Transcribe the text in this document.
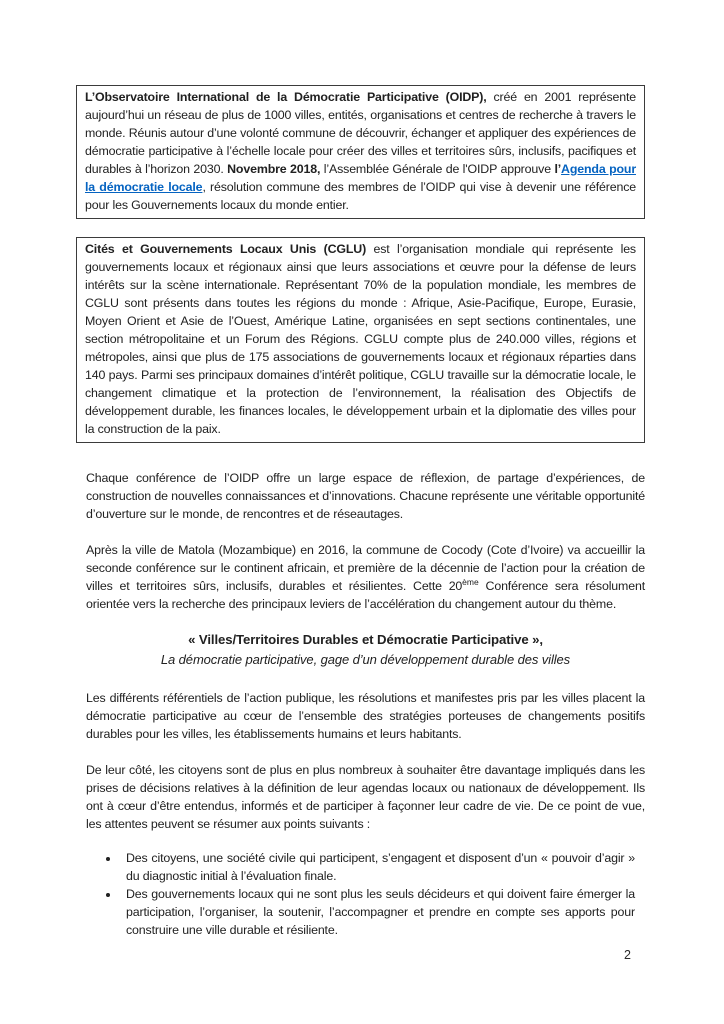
L’Observatoire International de la Démocratie Participative (OIDP), créé en 2001 représente aujourd’hui un réseau de plus de 1000 villes, entités, organisations et centres de recherche à travers le monde. Réunis autour d’une volonté commune de découvrir, échanger et appliquer des expériences de démocratie participative à l’échelle locale pour créer des villes et territoires sûrs, inclusifs, pacifiques et durables à l’horizon 2030. Novembre 2018, l’Assemblée Générale de l'OIDP approuve l’Agenda pour la démocratie locale, résolution commune des membres de l’OIDP qui vise à devenir une référence pour les Gouvernements locaux du monde entier.
Cités et Gouvernements Locaux Unis (CGLU) est l’organisation mondiale qui représente les gouvernements locaux et régionaux ainsi que leurs associations et œuvre pour la défense de leurs intérêts sur la scène internationale. Représentant 70% de la population mondiale, les membres de CGLU sont présents dans toutes les régions du monde : Afrique, Asie-Pacifique, Europe, Eurasie, Moyen Orient et Asie de l’Ouest, Amérique Latine, organisées en sept sections continentales, une section métropolitaine et un Forum des Régions. CGLU compte plus de 240.000 villes, régions et métropoles, ainsi que plus de 175 associations de gouvernements locaux et régionaux réparties dans 140 pays. Parmi ses principaux domaines d’intérêt politique, CGLU travaille sur la démocratie locale, le changement climatique et la protection de l’environnement, la réalisation des Objectifs de développement durable, les finances locales, le développement urbain et la diplomatie des villes pour la construction de la paix.

Chaque conférence de l’OIDP offre un large espace de réflexion, de partage d’expériences, de construction de nouvelles connaissances et d’innovations. Chacune représente une véritable opportunité d’ouverture sur le monde, de rencontres et de réseautages.

Après la ville de Matola (Mozambique) en 2016, la commune de Cocody (Cote d’Ivoire) va accueillir la seconde conférence sur le continent africain, et première de la décennie de l’action pour la création de villes et territoires sûrs, inclusifs, durables et résilientes. Cette 20ème Conférence sera résolument orientée vers la recherche des principaux leviers de l’accélération du changement autour du thème.

« Villes/Territoires Durables et Démocratie Participative »,
La démocratie participative, gage d’un développement durable des villes

Les différents référentiels de l’action publique, les résolutions et manifestes pris par les villes placent la démocratie participative au cœur de l’ensemble des stratégies porteuses de changements positifs durables pour les villes, les établissements humains et leurs habitants.

De leur côté, les citoyens sont de plus en plus nombreux à souhaiter être davantage impliqués dans les prises de décisions relatives à la définition de leur agendas locaux ou nationaux de développement. Ils ont à cœur d’être entendus, informés et de participer à façonner leur cadre de vie. De ce point de vue, les attentes peuvent se résumer aux points suivants :

• Des citoyens, une société civile qui participent, s’engagent et disposent d’un « pouvoir d’agir » du diagnostic initial à l’évaluation finale.
• Des gouvernements locaux qui ne sont plus les seuls décideurs et qui doivent faire émerger la participation, l’organiser, la soutenir, l’accompagner et prendre en compte ses apports pour construire une ville durable et résiliente.
2
